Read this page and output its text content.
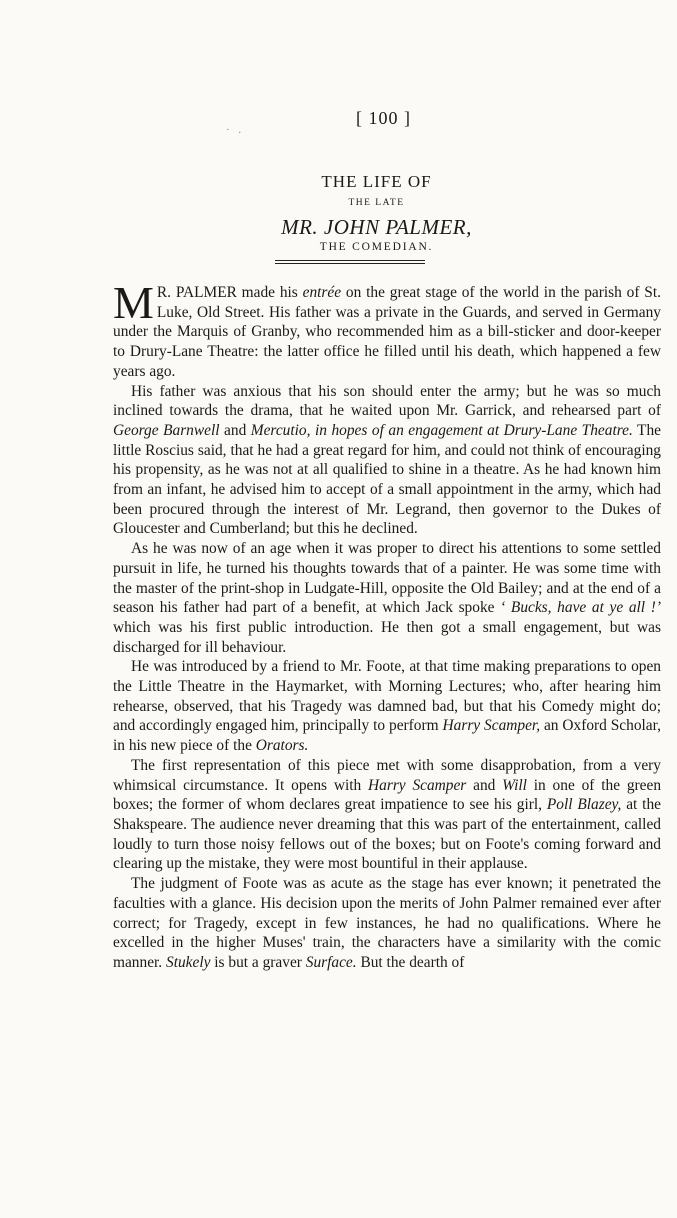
· .
[ 100 ]
THE LIFE OF
THE LATE
MR. JOHN PALMER,
THE COMEDIAN.

M R. PALMER made his entrée on the great stage of the world in the parish of St. Luke, Old Street. His father was a private in the Guards, and served in Germany under the Marquis of Granby, who recommended him as a bill-sticker and door-keeper to Drury-Lane Theatre: the latter office he filled until his death, which happened a few years ago.

His father was anxious that his son should enter the army; but he was so much inclined towards the drama, that he waited upon Mr. Garrick, and rehearsed part of George Barnwell and Mercutio, in hopes of an engagement at Drury-Lane Theatre. The little Roscius said, that he had a great regard for him, and could not think of encouraging his propensity, as he was not at all qualified to shine in a theatre. As he had known him from an infant, he advised him to accept of a small appointment in the army, which had been procured through the interest of Mr. Legrand, then governor to the Dukes of Gloucester and Cumberland; but this he declined.

As he was now of an age when it was proper to direct his attentions to some settled pursuit in life, he turned his thoughts towards that of a painter. He was some time with the master of the print-shop in Ludgate-Hill, opposite the Old Bailey; and at the end of a season his father had part of a benefit, at which Jack spoke ‘ Bucks, have at ye all !’ which was his first public introduction. He then got a small engagement, but was discharged for ill behaviour.

He was introduced by a friend to Mr. Foote, at that time making preparations to open the Little Theatre in the Haymarket, with Morning Lectures; who, after hearing him rehearse, observed, that his Tragedy was damned bad, but that his Comedy might do; and accordingly engaged him, principally to perform Harry Scamper, an Oxford Scholar, in his new piece of the Orators.

The first representation of this piece met with some disapprobation, from a very whimsical circumstance. It opens with Harry Scamper and Will in one of the green boxes; the former of whom declares great impatience to see his girl, Poll Blazey, at the Shakspeare. The audience never dreaming that this was part of the entertainment, called loudly to turn those noisy fellows out of the boxes; but on Foote's coming forward and clearing up the mistake, they were most bountiful in their applause.

The judgment of Foote was as acute as the stage has ever known; it penetrated the faculties with a glance. His decision upon the merits of John Palmer remained ever after correct; for Tragedy, except in few instances, he had no qualifications. Where he excelled in the higher Muses' train, the characters have a similarity with the comic manner. Stukely is but a graver Surface. But the dearth of
